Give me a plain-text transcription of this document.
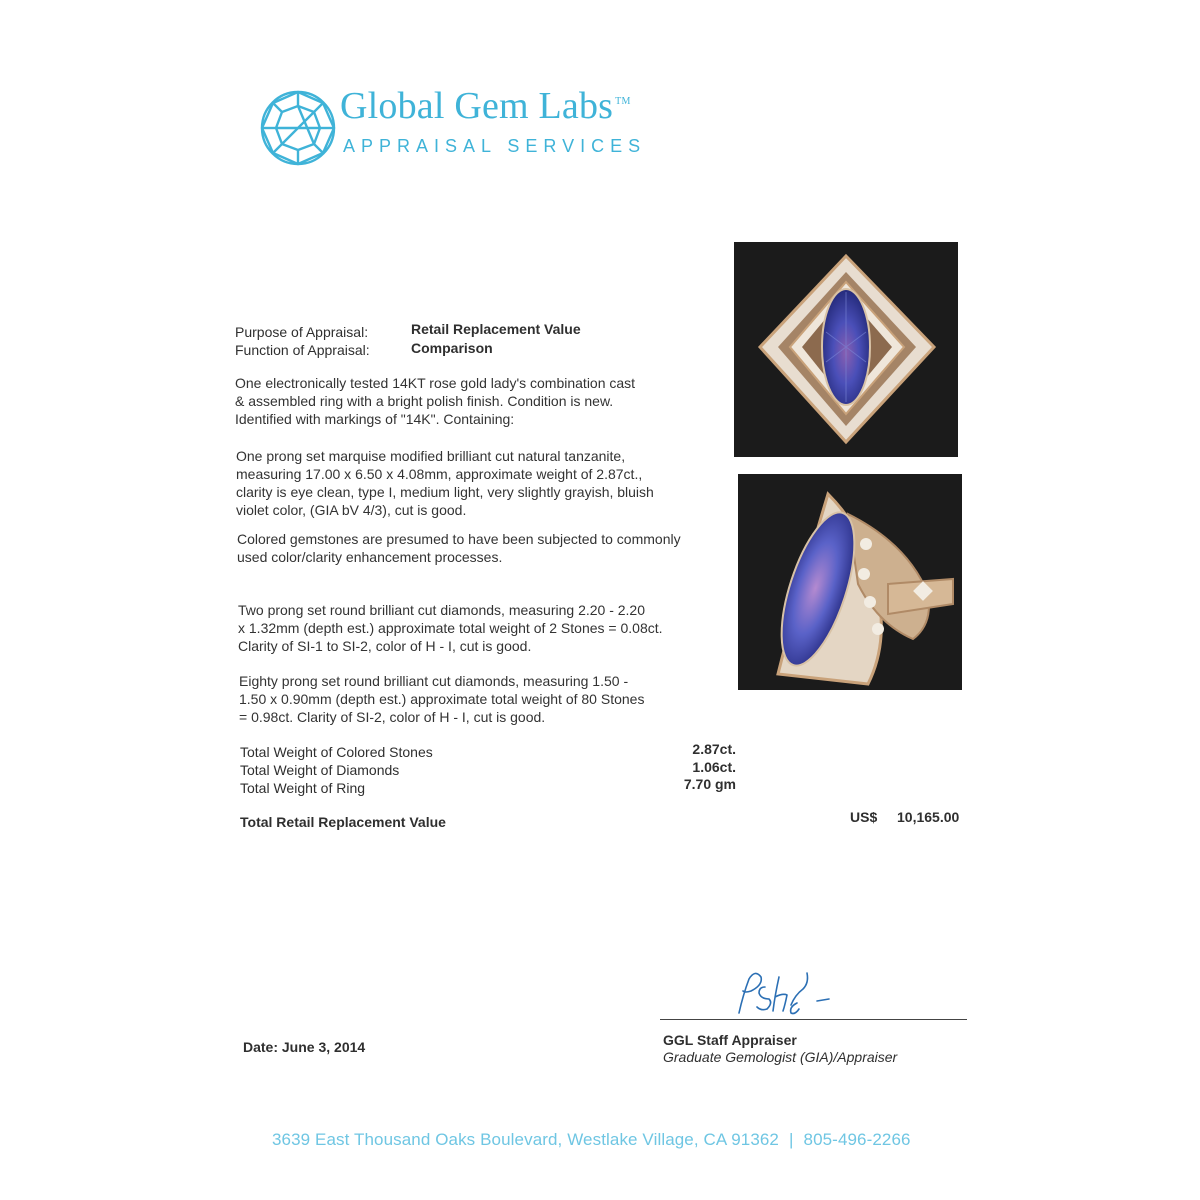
Global Gem Labs ™
APPRAISAL SERVICES
Purpose of Appraisal:	Retail Replacement Value
Function of Appraisal:	Comparison
One electronically tested 14KT rose gold lady's combination cast
& assembled ring with a bright polish finish. Condition is new.
Identified with markings of "14K". Containing:
One prong set marquise modified brilliant cut natural tanzanite,
measuring 17.00 x 6.50 x 4.08mm, approximate weight of 2.87ct.,
clarity is eye clean, type I, medium light, very slightly grayish, bluish
violet color, (GIA bV 4/3), cut is good.
Colored gemstones are presumed to have been subjected to commonly
used color/clarity enhancement processes.
Two prong set round brilliant cut diamonds, measuring 2.20 - 2.20
x 1.32mm (depth est.) approximate total weight of 2 Stones = 0.08ct.
Clarity of SI-1 to SI-2, color of H - I, cut is good.
Eighty prong set round brilliant cut diamonds, measuring 1.50 -
1.50 x 0.90mm (depth est.) approximate total weight of 80 Stones
= 0.98ct. Clarity of SI-2, color of H - I, cut is good.
Total Weight of Colored Stones	2.87ct.
Total Weight of Diamonds	1.06ct.
Total Weight of Ring	7.70 gm
Total Retail Replacement Value	US$ 10,165.00
GGL Staff Appraiser
Graduate Gemologist (GIA)/Appraiser
Date: June 3, 2014
3639 East Thousand Oaks Boulevard, Westlake Village, CA 91362 | 805-496-2266
